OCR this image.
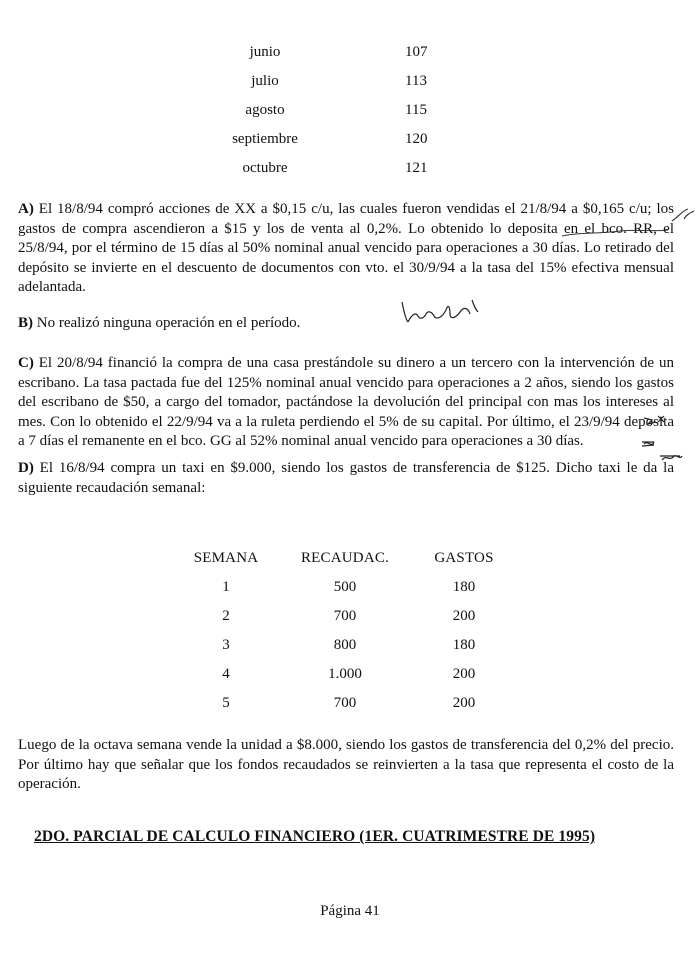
junio	107
julio	113
agosto	115
septiembre	120
octubre	121

A) El 18/8/94 compró acciones de XX a $0,15 c/u, las cuales fueron vendidas el 21/8/94 a $0,165 c/u; los gastos de compra ascendieron a $15 y los de venta al 0,2%. Lo obtenido lo deposita en el bco. RR, el 25/8/94, por el término de 15 días al 50% nominal anual vencido para operaciones a 30 días. Lo retirado del depósito se invierte en el descuento de documentos con vto. el 30/9/94 a la tasa del 15% efectiva mensual adelantada.

B) No realizó ninguna operación en el período.

C) El 20/8/94 financió la compra de una casa prestándole su dinero a un tercero con la intervención de un escribano. La tasa pactada fue del 125% nominal anual vencido para operaciones a 2 años, siendo los gastos del escribano de $50, a cargo del tomador, pactándose la devolución del principal con mas los intereses al mes. Con lo obtenido el 22/9/94 va a la ruleta perdiendo el 5% de su capital. Por último, el 23/9/94 deposita a 7 días el remanente en el bco. GG al 52% nominal anual vencido para operaciones a 30 días.

D) El 16/8/94 compra un taxi en $9.000, siendo los gastos de transferencia de $125. Dicho taxi le da la siguiente recaudación semanal:

SEMANA	RECAUDAC.	GASTOS
1	500	180
2	700	200
3	800	180
4	1.000	200
5	700	200

Luego de la octava semana vende la unidad a $8.000, siendo los gastos de transferencia del 0,2% del precio. Por último hay que señalar que los fondos recaudados se reinvierten a la tasa que representa el costo de la operación.

2DO. PARCIAL DE CALCULO FINANCIERO (1ER. CUATRIMESTRE DE 1995)
Página 41
